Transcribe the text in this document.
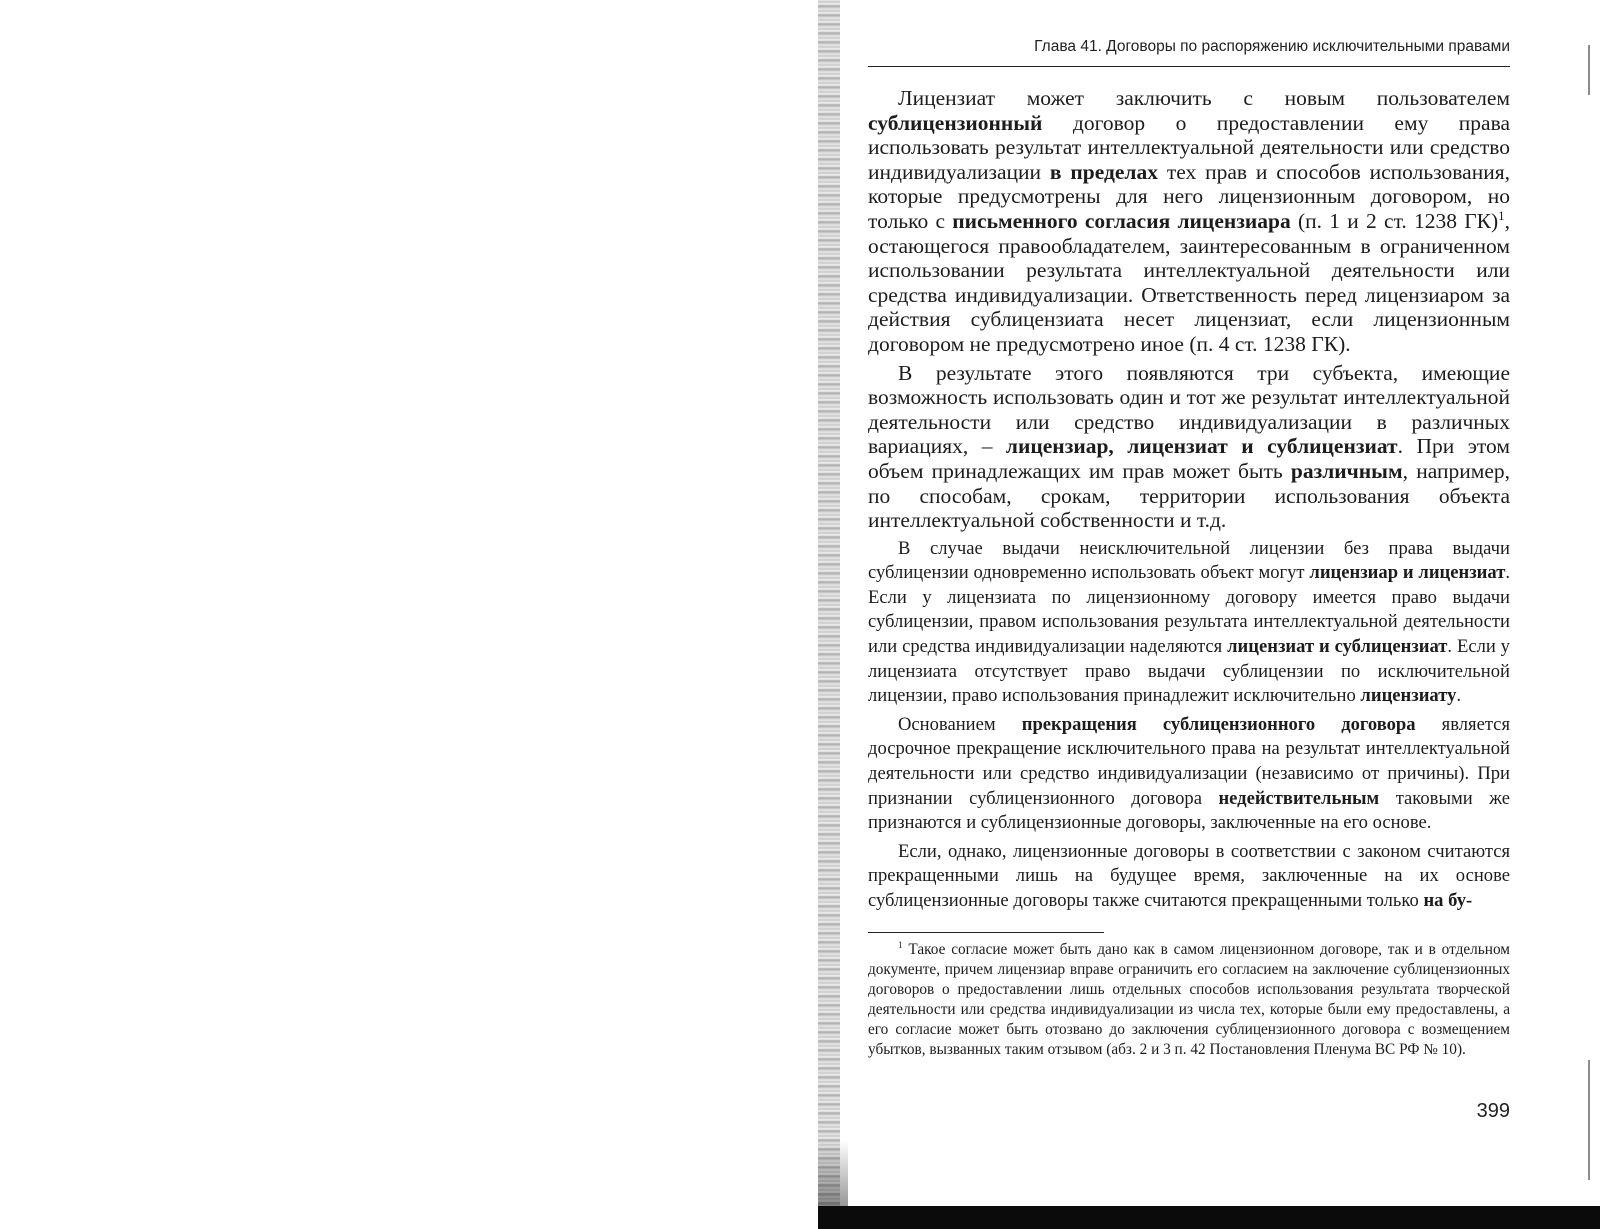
Глава 41. Договоры по распоряжению исключительными правами

Лицензиат может заключить с новым пользователем сублицензионный договор о предоставлении ему права использовать результат интеллектуальной деятельности или средство индивидуализации в пределах тех прав и способов использования, которые предусмотрены для него лицензионным договором, но только с письменного согласия лицензиара (п. 1 и 2 ст. 1238 ГК)$^1$, остающегося правообладателем, заинтересованным в ограниченном использовании результата интеллектуальной деятельности или средства индивидуализации. Ответственность перед лицензиаром за действия сублицензиата несет лицензиат, если лицензионным договором не предусмотрено иное (п. 4 ст. 1238 ГК).

В результате этого появляются три субъекта, имеющие возможность использовать один и тот же результат интеллектуальной деятельности или средство индивидуализации в различных вариациях, – лицензиар, лицензиат и сублицензиат. При этом объем принадлежащих им прав может быть различным, например, по способам, срокам, территории использования объекта интеллектуальной собственности и т.д.

В случае выдачи неисключительной лицензии без права выдачи сублицензии одновременно использовать объект могут лицензиар и лицензиат. Если у лицензиата по лицензионному договору имеется право выдачи сублицензии, правом использования результата интеллектуальной деятельности или средства индивидуализации наделяются лицензиат и сублицензиат. Если у лицензиата отсутствует право выдачи сублицензии по исключительной лицензии, право использования принадлежит исключительно лицензиату.

Основанием прекращения сублицензионного договора является досрочное прекращение исключительного права на результат интеллектуальной деятельности или средство индивидуализации (независимо от причины). При признании сублицензионного договора недействительным таковыми же признаются и сублицензионные договоры, заключенные на его основе.

Если, однако, лицензионные договоры в соответствии с законом считаются прекращенными лишь на будущее время, заключенные на их основе сублицензионные договоры также считаются прекращенными только на бу-

$^1$ Такое согласие может быть дано как в самом лицензионном договоре, так и в отдельном документе, причем лицензиар вправе ограничить его согласием на заключение сублицензионных договоров о предоставлении лишь отдельных способов использования результата творческой деятельности или средства индивидуализации из числа тех, которые были ему предоставлены, а его согласие может быть отозвано до заключения сублицензионного договора с возмещением убытков, вызванных таким отзывом (абз. 2 и 3 п. 42 Постановления Пленума ВС РФ № 10).

399
